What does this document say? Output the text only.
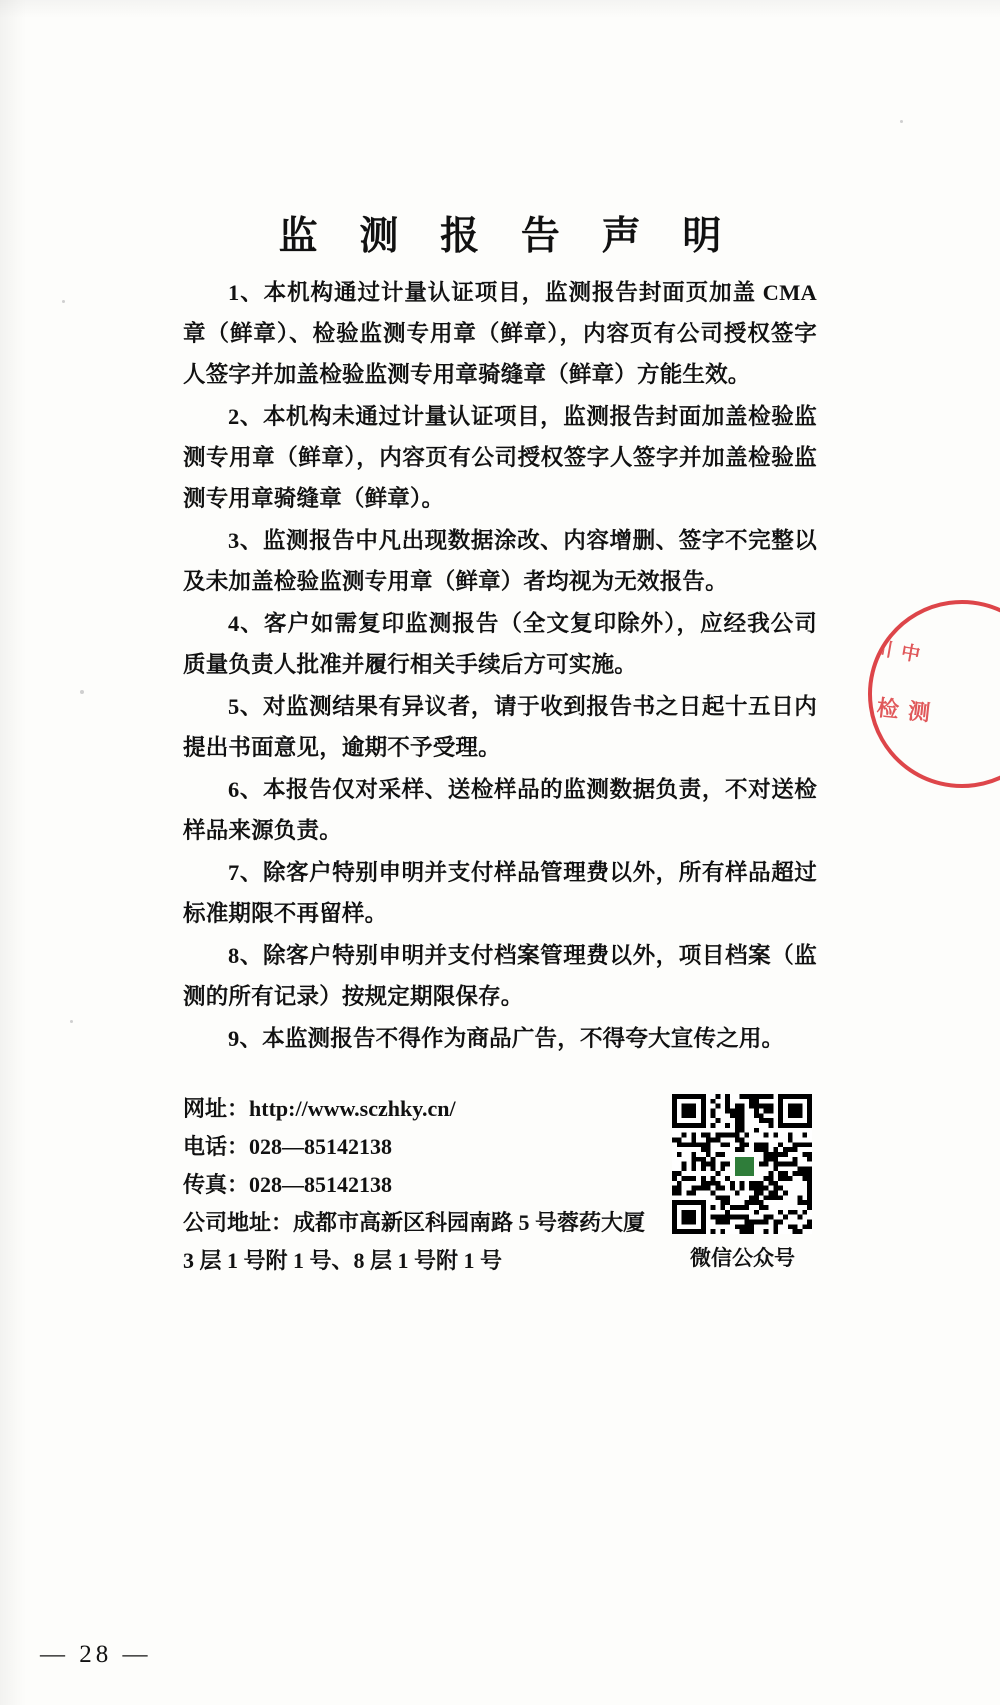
监 测 报 告 声 明

1、本机构通过计量认证项目，监测报告封面页加盖 CMA 章（鲜章）、检验监测专用章（鲜章），内容页有公司授权签字人签字并加盖检验监测专用章骑缝章（鲜章）方能生效。

2、本机构未通过计量认证项目，监测报告封面加盖检验监测专用章（鲜章），内容页有公司授权签字人签字并加盖检验监测专用章骑缝章（鲜章）。

3、监测报告中凡出现数据涂改、内容增删、签字不完整以及未加盖检验监测专用章（鲜章）者均视为无效报告。

4、客户如需复印监测报告（全文复印除外），应经我公司质量负责人批准并履行相关手续后方可实施。

5、对监测结果有异议者，请于收到报告书之日起十五日内提出书面意见，逾期不予受理。

6、本报告仅对采样、送检样品的监测数据负责，不对送检样品来源负责。

7、除客户特别申明并支付样品管理费以外，所有样品超过标准期限不再留样。

8、除客户特别申明并支付档案管理费以外，项目档案（监测的所有记录）按规定期限保存。

9、本监测报告不得作为商品广告，不得夸大宣传之用。

网址：http://www.sczhky.cn/
电话：028—85142138
传真：028—85142138
公司地址：成都市高新区科园南路 5 号蓉药大厦
3 层 1 号附 1 号、8 层 1 号附 1 号	微信公众号
川 中
检 测
— 28 —
